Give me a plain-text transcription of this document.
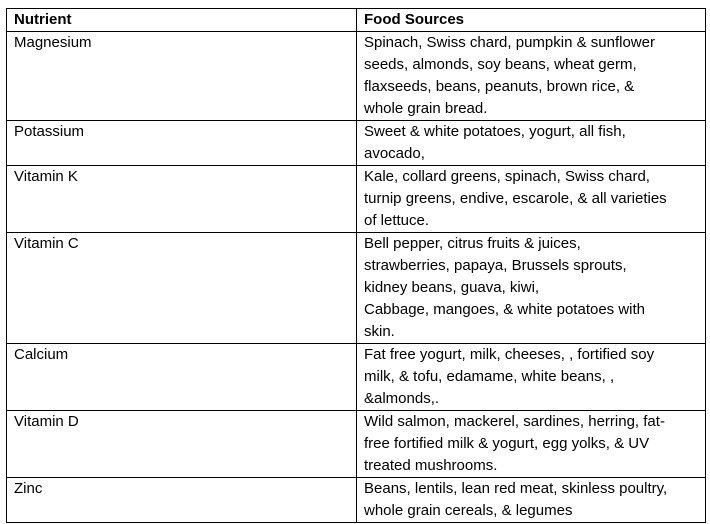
Nutrient	Food Sources
Magnesium	Spinach, Swiss chard, pumpkin & sunflower
seeds, almonds, soy beans, wheat germ,
flaxseeds, beans, peanuts, brown rice, &
whole grain bread.

Potassium	Sweet & white potatoes, yogurt, all fish,
avocado,

Vitamin K	Kale, collard greens, spinach, Swiss chard,
turnip greens, endive, escarole, & all varieties
of lettuce.

Vitamin C	Bell pepper, citrus fruits & juices,
strawberries, papaya, Brussels sprouts,
kidney beans, guava, kiwi,
Cabbage, mangoes, & white potatoes with
skin.

Calcium	Fat free yogurt, milk, cheeses, , fortified soy
milk, & tofu, edamame, white beans, ,
&almonds,.

Vitamin D	Wild salmon, mackerel, sardines, herring, fat-
free fortified milk & yogurt, egg yolks, & UV
treated mushrooms.

Zinc	Beans, lentils, lean red meat, skinless poultry,
whole grain cereals, & legumes
